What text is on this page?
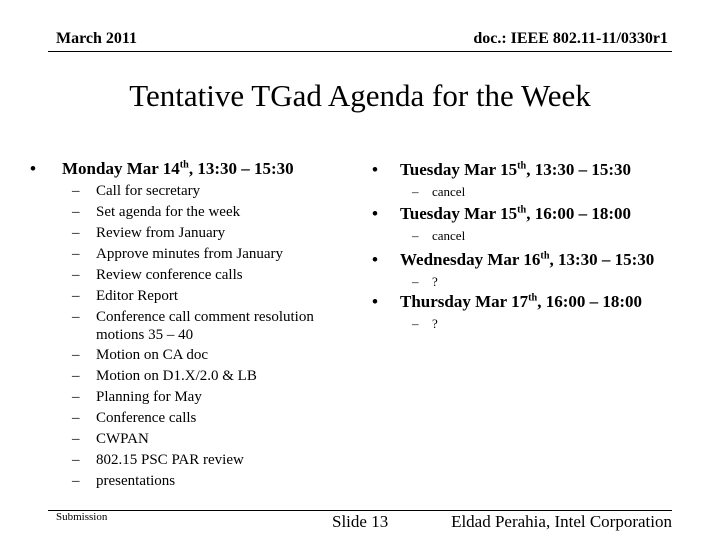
March 2011	doc.: IEEE 802.11-11/0330r1
Tentative TGad Agenda for the Week
• Monday Mar 14th, 13:30 – 15:30
– Call for secretary
– Set agenda for the week
– Review from January
– Approve minutes from January
– Review conference calls
– Editor Report
– Conference call comment resolution
motions 35 – 40
– Motion on CA doc
– Motion on D1.X/2.0 & LB
– Planning for May
– Conference calls
– CWPAN
– 802.15 PSC PAR review
– presentations
• Tuesday Mar 15th, 13:30 – 15:30
– cancel
• Tuesday Mar 15th, 16:00 – 18:00
– cancel
• Wednesday Mar 16th, 13:30 – 15:30
– ?
• Thursday Mar 17th, 16:00 – 18:00
– ?
Submission	Slide 13	Eldad Perahia, Intel Corporation
